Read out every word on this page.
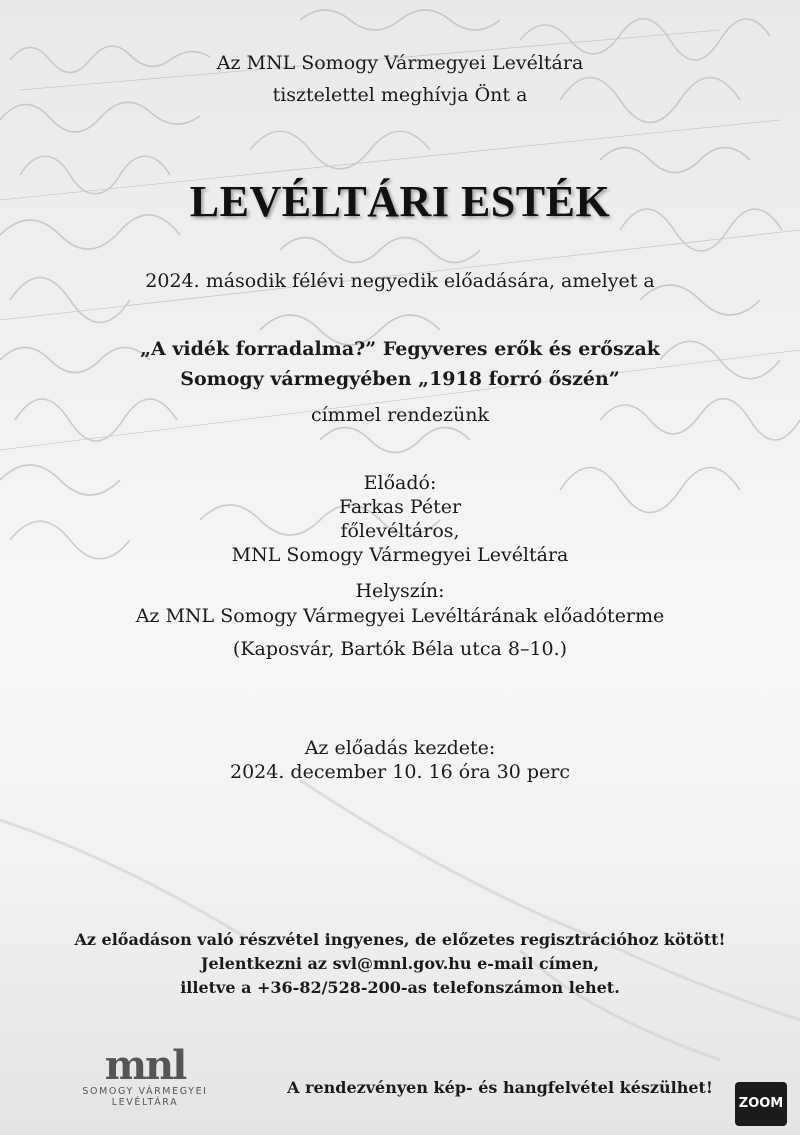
Az MNL Somogy Vármegyei Levéltára
tisztelettel meghívja Önt a
LEVÉLTÁRI ESTÉK
2024. második félévi negyedik előadására, amelyet a
„A vidék forradalma?” Fegyveres erők és erőszak
Somogy vármegyében „1918 forró őszén”
címmel rendezünk
Előadó:
Farkas Péter
főlevéltáros,
MNL Somogy Vármegyei Levéltára
Helyszín:
Az MNL Somogy Vármegyei Levéltárának előadóterme
(Kaposvár, Bartók Béla utca 8–10.)
Az előadás kezdete:
2024. december 10. 16 óra 30 perc
Az előadáson való részvétel ingyenes, de előzetes regisztrációhoz kötött!
Jelentkezni az svl@mnl.gov.hu e-mail címen,
illetve a +36-82/528-200-as telefonszámon lehet.
mnl
SOMOGY VÁRMEGYEI
LEVÉLTÁRA
A rendezvényen kép- és hangfelvétel készülhet!
ZOOM
